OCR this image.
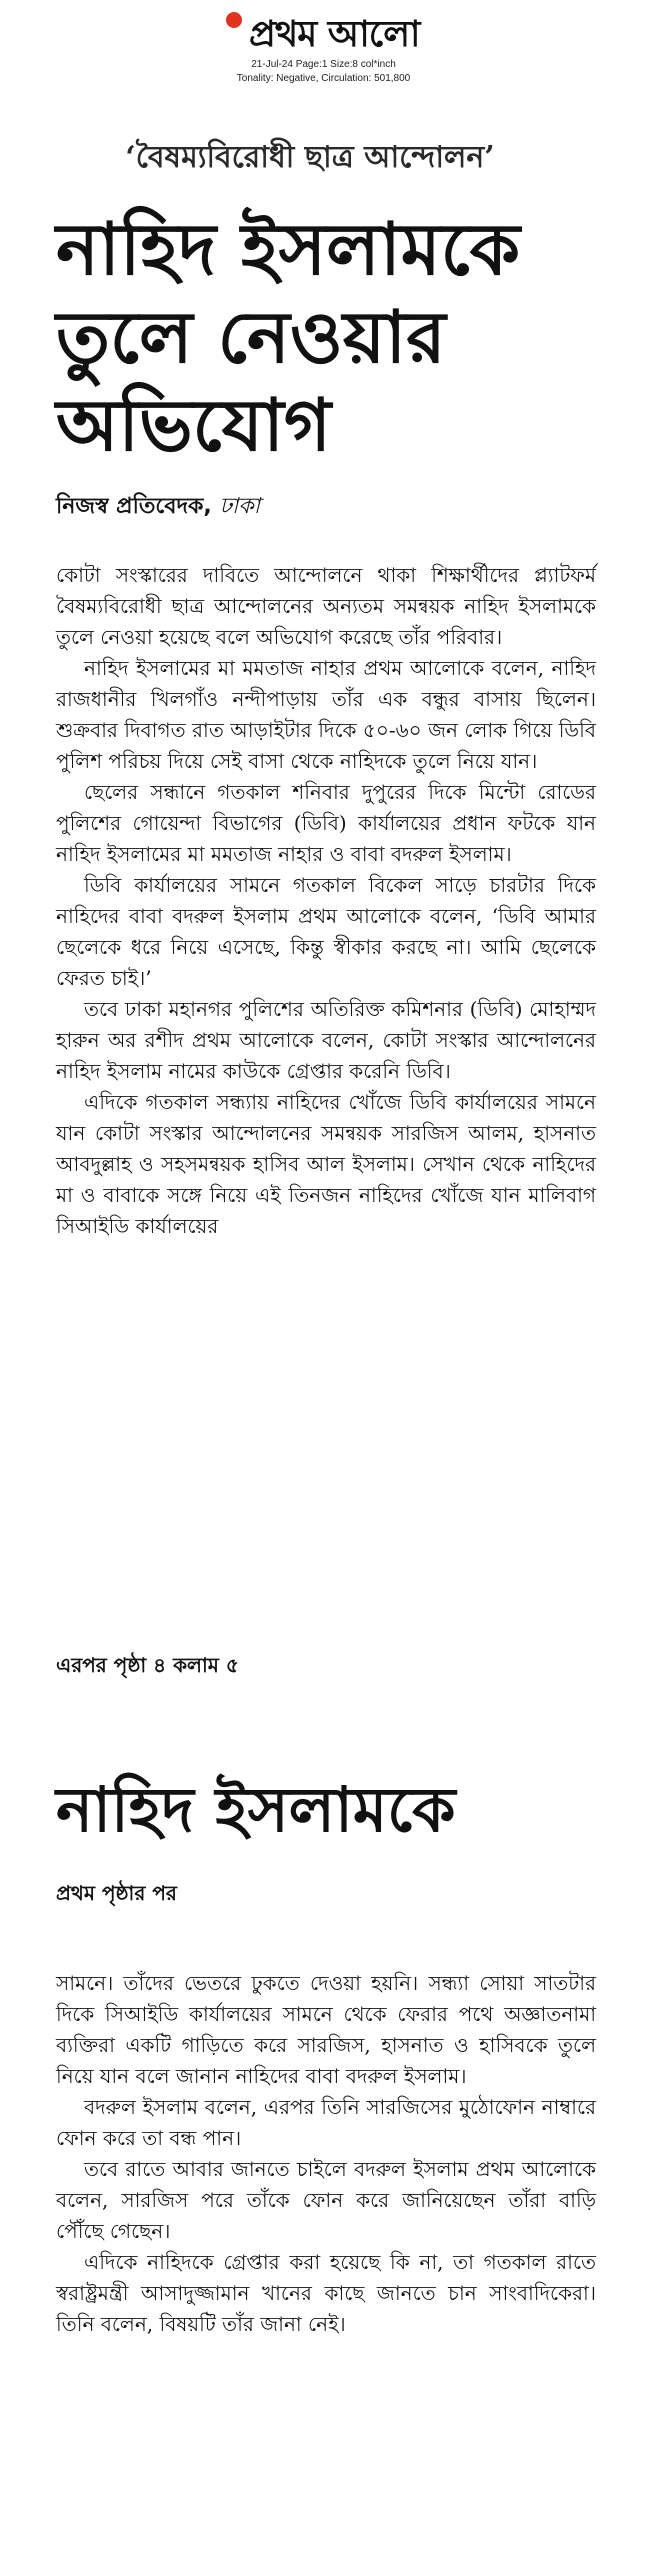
প্রথম আলো
21-Jul-24 Page:1 Size:8 col*inch
Tonality: Negative, Circulation: 501,800
‘বৈষম্যবিরোধী ছাত্র আন্দোলন’
নাহিদ ইসলামকে
তুলে নেওয়ার
অভিযোগ
নিজস্ব প্রতিবেদক, ঢাকা

কোটা সংস্কারের দাবিতে আন্দোলনে থাকা শিক্ষার্থীদের প্ল্যাটফর্ম বৈষম্যবিরোধী ছাত্র আন্দোলনের অন্যতম সমন্বয়ক নাহিদ ইসলামকে তুলে নেওয়া হয়েছে বলে অভিযোগ করেছে তাঁর পরিবার।

নাহিদ ইসলামের মা মমতাজ নাহার প্রথম আলোকে বলেন, নাহিদ রাজধানীর খিলগাঁও নন্দীপাড়ায় তাঁর এক বন্ধুর বাসায় ছিলেন। শুক্রবার দিবাগত রাত আড়াইটার দিকে ৫০-৬০ জন লোক গিয়ে ডিবি পুলিশ পরিচয় দিয়ে সেই বাসা থেকে নাহিদকে তুলে নিয়ে যান।

ছেলের সন্ধানে গতকাল শনিবার দুপুরের দিকে মিন্টো রোডের পুলিশের গোয়েন্দা বিভাগের (ডিবি) কার্যালয়ের প্রধান ফটকে যান নাহিদ ইসলামের মা মমতাজ নাহার ও বাবা বদরুল ইসলাম।

ডিবি কার্যালয়ের সামনে গতকাল বিকেল সাড়ে চারটার দিকে নাহিদের বাবা বদরুল ইসলাম প্রথম আলোকে বলেন, ‘ডিবি আমার ছেলেকে ধরে নিয়ে এসেছে, কিন্তু স্বীকার করছে না। আমি ছেলেকে ফেরত চাই।’

তবে ঢাকা মহানগর পুলিশের অতিরিক্ত কমিশনার (ডিবি) মোহাম্মদ হারুন অর রশীদ প্রথম আলোকে বলেন, কোটা সংস্কার আন্দোলনের নাহিদ ইসলাম নামের কাউকে গ্রেপ্তার করেনি ডিবি।

এদিকে গতকাল সন্ধ্যায় নাহিদের খোঁজে ডিবি কার্যালয়ের সামনে যান কোটা সংস্কার আন্দোলনের সমন্বয়ক সারজিস আলম, হাসনাত আবদুল্লাহ ও সহসমন্বয়ক হাসিব আল ইসলাম। সেখান থেকে নাহিদের মা ও বাবাকে সঙ্গে নিয়ে এই তিনজন নাহিদের খোঁজে যান মালিবাগ সিআইডি কার্যালয়ের

এরপর পৃষ্ঠা ৪ কলাম ৫
নাহিদ ইসলামকে
প্রথম পৃষ্ঠার পর

সামনে। তাঁদের ভেতরে ঢুকতে দেওয়া হয়নি। সন্ধ্যা সোয়া সাতটার দিকে সিআইডি কার্যালয়ের সামনে থেকে ফেরার পথে অজ্ঞাতনামা ব্যক্তিরা একটি গাড়িতে করে সারজিস, হাসনাত ও হাসিবকে তুলে নিয়ে যান বলে জানান নাহিদের বাবা বদরুল ইসলাম।

বদরুল ইসলাম বলেন, এরপর তিনি সারজিসের মুঠোফোন নাম্বারে ফোন করে তা বন্ধ পান।

তবে রাতে আবার জানতে চাইলে বদরুল ইসলাম প্রথম আলোকে বলেন, সারজিস পরে তাঁকে ফোন করে জানিয়েছেন তাঁরা বাড়ি পৌঁছে গেছেন।

এদিকে নাহিদকে গ্রেপ্তার করা হয়েছে কি না, তা গতকাল রাতে স্বরাষ্ট্রমন্ত্রী আসাদুজ্জামান খানের কাছে জানতে চান সাংবাদিকেরা। তিনি বলেন, বিষয়টি তাঁর জানা নেই।
